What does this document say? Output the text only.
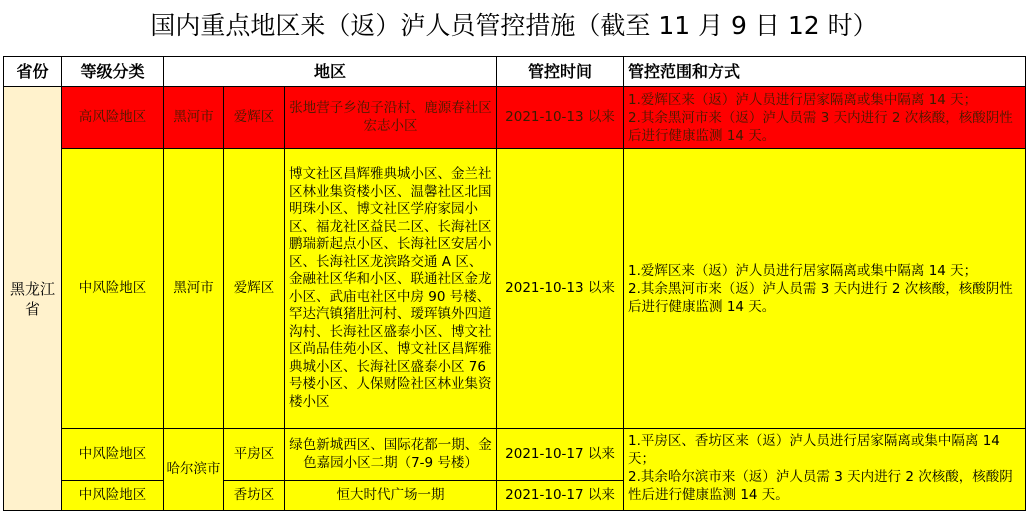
国内重点地区来（返）泸人员管控措施（截至 11 月 9 日 12 时）
省份	等级分类	地区			管控时间	管控范围和方式
黑龙江省	高风险地区	黑河市	爱辉区	张地营子乡泡子沿村、鹿源春社区宏志小区	2021-10-13 以来	1.爱辉区来（返）泸人员进行居家隔离或集中隔离 14 天；
2.其余黑河市来（返）泸人员需 3 天内进行 2 次核酸，核酸阴性后进行健康监测 14 天。

	中风险地区	黑河市	爱辉区	博文社区昌辉雅典城小区、金兰社区林业集资楼小区、温馨社区北国明珠小区、博文社区学府家园小区、福龙社区益民二区、长海社区鹏瑞新起点小区、长海社区安居小区、长海社区龙滨路交通 A 区、金融社区华和小区、联通社区金龙小区、武庙屯社区中房 90 号楼、罕达汽镇猪肚河村、瑷珲镇外四道沟村、长海社区盛泰小区、博文社区尚品佳苑小区、博文社区昌辉雅典城小区、长海社区盛泰小区 76 号楼小区、人保财险社区林业集资楼小区	2021-10-13 以来	1.爱辉区来（返）泸人员进行居家隔离或集中隔离 14 天；
2.其余黑河市来（返）泸人员需 3 天内进行 2 次核酸，核酸阴性后进行健康监测 14 天。

	中风险地区	哈尔滨市	平房区	绿色新城西区、国际花都一期、金色嘉园小区二期（7-9 号楼）	2021-10-17 以来	1.平房区、香坊区来（返）泸人员进行居家隔离或集中隔离 14 天；
2.其余哈尔滨市来（返）泸人员需 3 天内进行 2 次核酸，核酸阴性后进行健康监测 14 天。

	中风险地区		香坊区	恒大时代广场一期	2021-10-17 以来	
